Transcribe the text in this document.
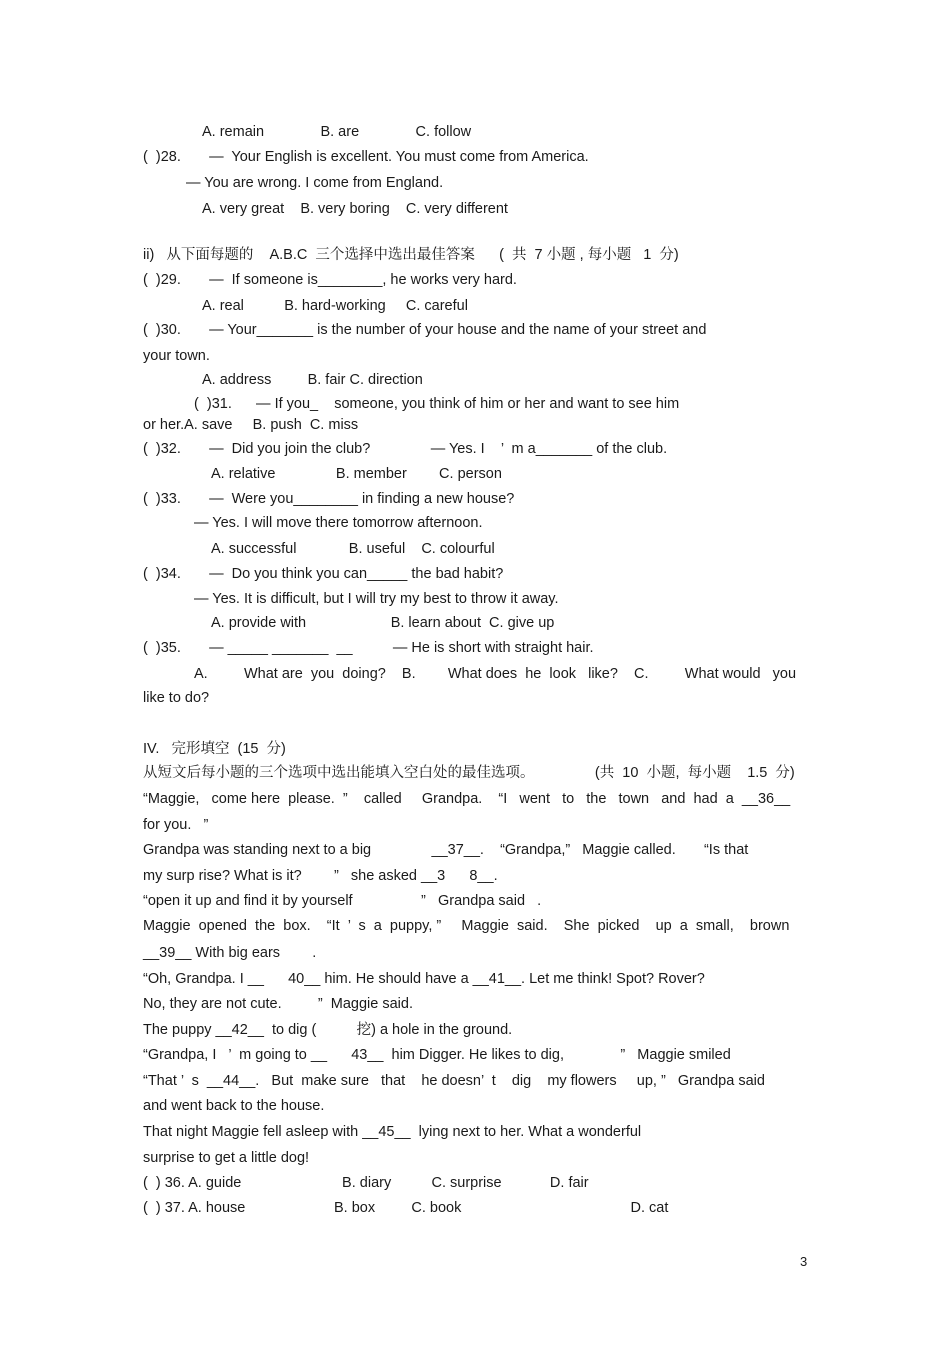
A. remain              B. are              C. follow
(  )28.       —  Your English is excellent. You must come from America.
— You are wrong. I come from England.
A. very great    B. very boring    C. very different
ii)   从下面每题的    A.B.C  三个选择中选出最佳答案      (  共  7 小题 , 每小题   1  分)
(  )29.       —  If someone is________, he works very hard.
A. real          B. hard-working     C. careful
(  )30.       — Your_______ is the number of your house and the name of your street and
your town.
A. address         B. fair C. direction
(  )31.      — If you_    someone, you think of him or her and want to see him
or her.A. save     B. push  C. miss
(  )32.       —  Did you join the club?               — Yes. I    ’  m a_______ of the club.
A. relative               B. member        C. person
(  )33.       —  Were you________ in finding a new house?
— Yes. I will move there tomorrow afternoon.
A. successful             B. useful    C. colourful
(  )34.       —  Do you think you can_____ the bad habit?
— Yes. It is difficult, but I will try my best to throw it away.
A. provide with                     B. learn about  C. give up
(  )35.       — _____ _______  __          — He is short with straight hair.
A.         What are  you  doing?    B.        What does  he  look   like?    C.         What would   you
like to do?
IV.   完形填空  (15  分)
从短文后每小题的三个选项中选出能填入空白处的最佳选项。               (共  10  小题,  每小题    1.5  分)
“Maggie,   come here  please.  ”    called     Grandpa.    “I   went   to   the   town   and  had  a  __36__
for you.   ”
Grandpa was standing next to a big               __37__.    “Grandpa,”   Maggie called.       “Is that
my surp rise? What is it?        ”   she asked __3      8__.
“open it up and find it by yourself                 ”   Grandpa said   .
Maggie  opened  the  box.    “It  ’  s  a  puppy, ”     Maggie  said.    She  picked    up  a  small,    brown
__39__ With big ears        .
“Oh, Grandpa. I __      40__ him. He should have a __41__. Let me think! Spot? Rover?
No, they are not cute.         ”  Maggie said.
The puppy __42__  to dig (          挖) a hole in the ground.
“Grandpa, I   ’  m going to __      43__  him Digger. He likes to dig,              ”   Maggie smiled
“That ’  s  __44__.   But  make sure   that    he doesn’  t    dig    my flowers     up, ”   Grandpa said
and went back to the house.
That night Maggie fell asleep with __45__  lying next to her. What a wonderful
surprise to get a little dog!
(  ) 36. A. guide                         B. diary          C. surprise            D. fair
(  ) 37. A. house                      B. box         C. book                                          D. cat
3
